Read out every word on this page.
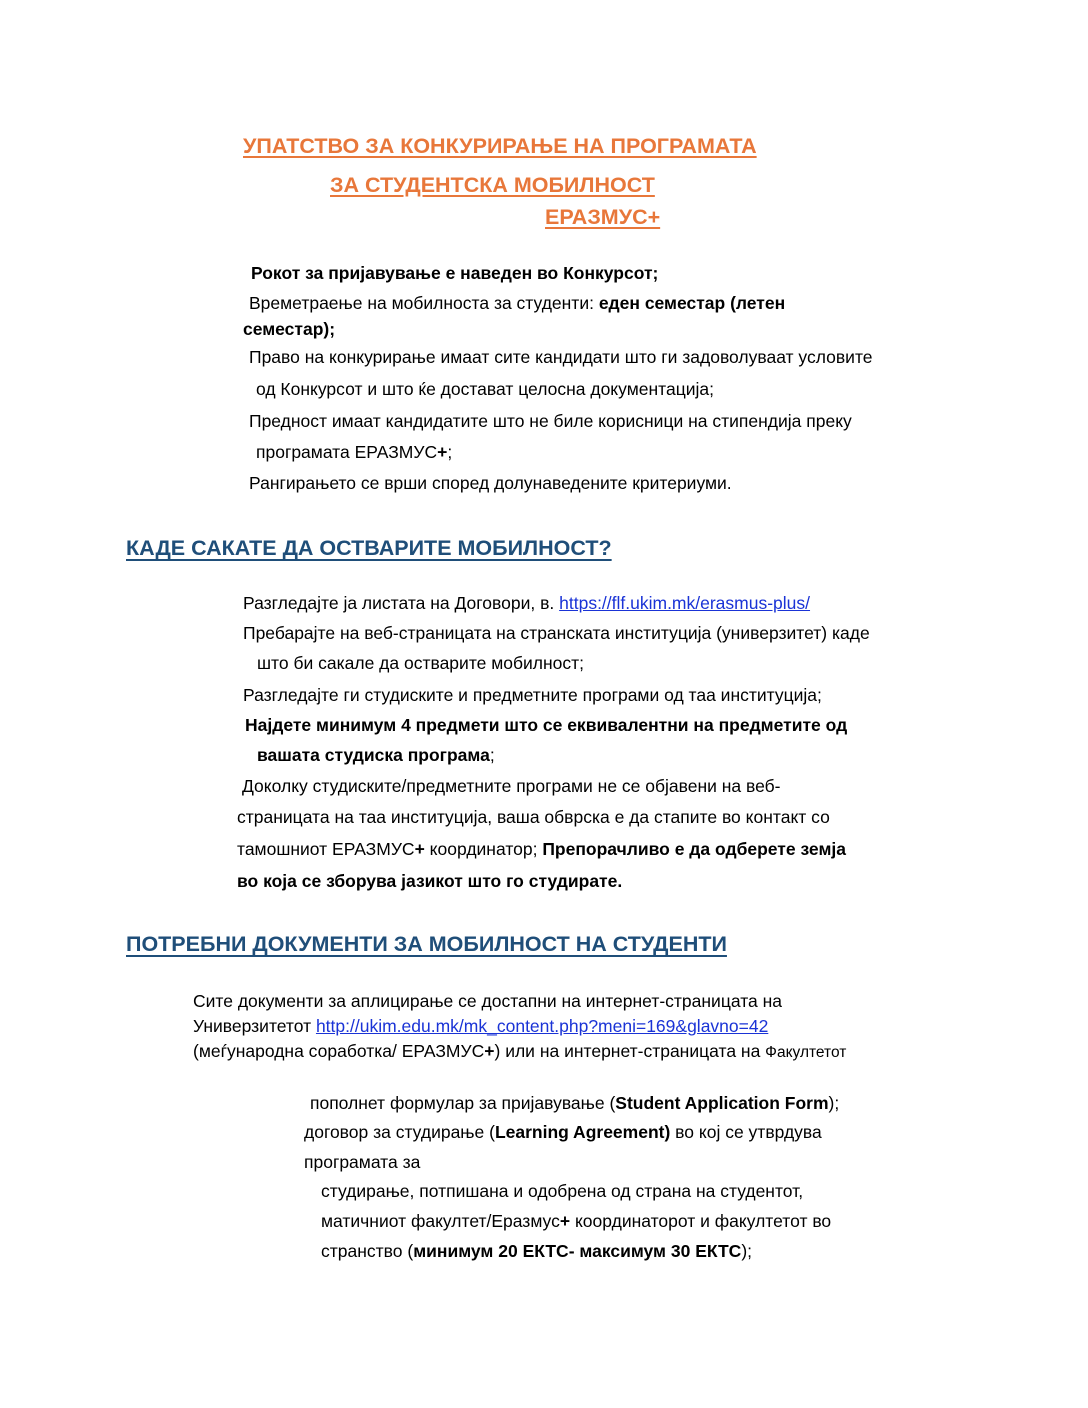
УПАТСТВО ЗА КОНКУРИРАЊЕ НА ПРОГРАМАТА
ЗА СТУДЕНТСКА МОБИЛНОСТ
ЕРАЗМУС+
Рокот за пријавување е наведен во Конкурсот;
Времетраење на мобилноста за студенти: еден семестар (летен
семестар);
Право на конкурирање имаат сите кандидати што ги задоволуваат условите
од Конкурсот и што ќе достават целосна документација;
Предност имаат кандидатите што не биле корисници на стипендија преку
програмата ЕРАЗМУС+;
Рангирањето се врши според долунаведените критериуми.
КАДЕ САКАТЕ ДА ОСТВАРИТЕ МОБИЛНОСТ?
Разгледајте ја листата на Договори, в. https://flf.ukim.mk/erasmus-plus/
Пребарајте на веб-страницата на странската институција (универзитет) каде
што би сакале да остварите мобилност;
Разгледајте ги студиските и предметните програми од таа институција;
Најдете минимум 4 предмети што се еквивалентни на предметите од
вашата студиска програма;
Доколку студиските/предметните програми не се објавени на веб-
страницата на таа институција, ваша обврска е да стапите во контакт со
тамошниот ЕРАЗМУС+ координатор; Препорачливо е да одберете земја
во која се зборува јазикот што го студирате.
ПОТРЕБНИ ДОКУМЕНТИ ЗА МОБИЛНОСТ НА СТУДЕНТИ
Сите документи за аплицирање се достапни на интернет-страницата на
Универзитетот http://ukim.edu.mk/mk_content.php?meni=169&glavno=42
(меѓународна соработка/ ЕРАЗМУС+) или на интернет-страницата на Факултетот
пополнет формулар за пријавување (Student Application Form);
договор за студирање (Learning Agreement) во кој се утврдува
програмата за
студирање, потпишана и одобрена од страна на студентот,
матичниот факултет/Еразмус+ координаторот и факултетот во
странство (минимум 20 ЕКТС- максимум 30 ЕКТС);
